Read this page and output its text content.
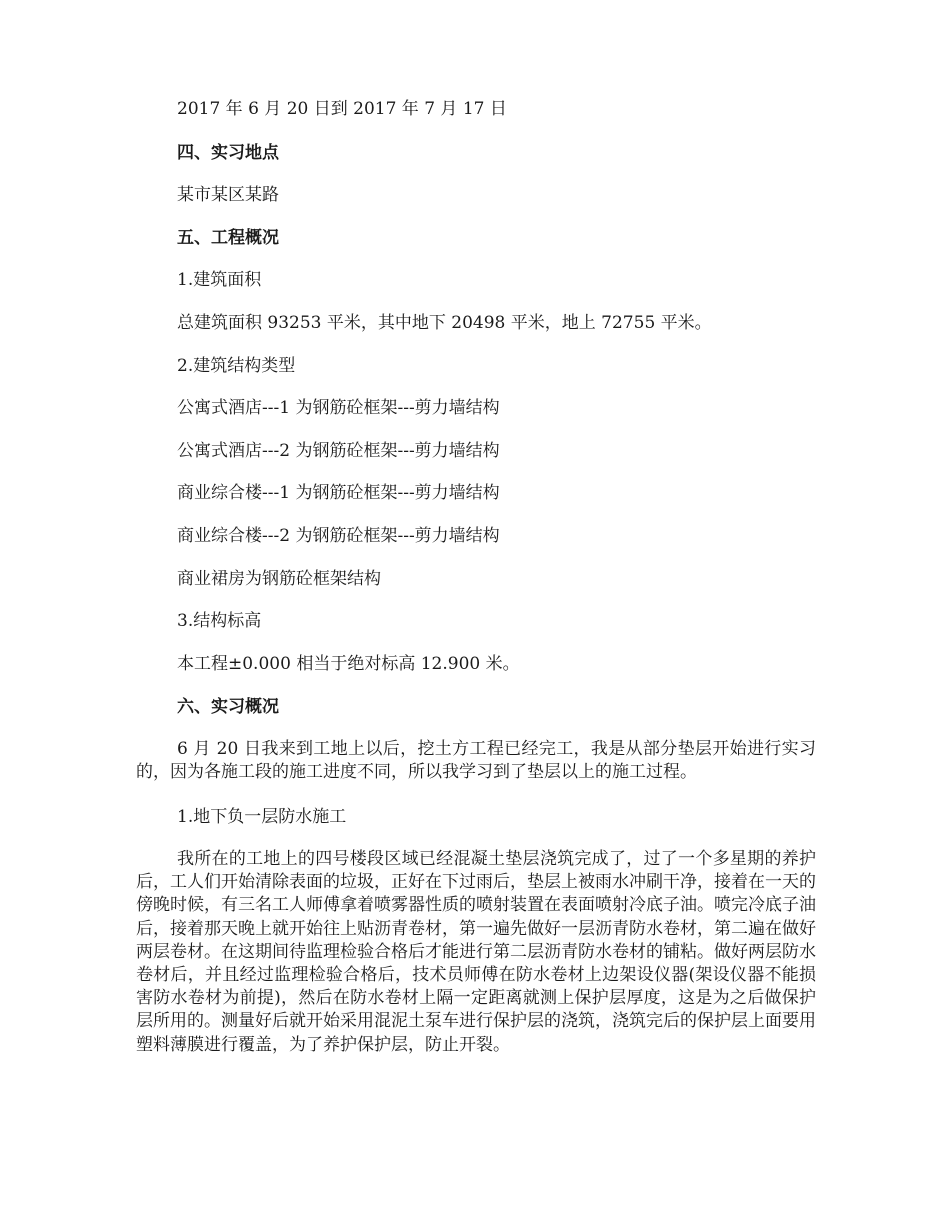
2017 年 6 月 20 日到 2017 年 7 月 17 日
四、实习地点
某市某区某路
五、工程概况
1.建筑面积
总建筑面积 93253 平米，其中地下 20498 平米，地上 72755 平米。
2.建筑结构类型
公寓式酒店---1 为钢筋砼框架---剪力墙结构
公寓式酒店---2 为钢筋砼框架---剪力墙结构
商业综合楼---1 为钢筋砼框架---剪力墙结构
商业综合楼---2 为钢筋砼框架---剪力墙结构
商业裙房为钢筋砼框架结构
3.结构标高
本工程±0.000 相当于绝对标高 12.900 米。
六、实习概况

6 月 20 日我来到工地上以后，挖土方工程已经完工，我是从部分垫层开始进行实习的，因为各施工段的施工进度不同，所以我学习到了垫层以上的施工过程。

1.地下负一层防水施工

我所在的工地上的四号楼段区域已经混凝土垫层浇筑完成了，过了一个多星期的养护后，工人们开始清除表面的垃圾，正好在下过雨后，垫层上被雨水冲刷干净，接着在一天的傍晚时候，有三名工人师傅拿着喷雾器性质的喷射装置在表面喷射冷底子油。喷完冷底子油后，接着那天晚上就开始往上贴沥青卷材，第一遍先做好一层沥青防水卷材，第二遍在做好两层卷材。在这期间待监理检验合格后才能进行第二层沥青防水卷材的铺粘。做好两层防水卷材后，并且经过监理检验合格后，技术员师傅在防水卷材上边架设仪器(架设仪器不能损害防水卷材为前提)，然后在防水卷材上隔一定距离就测上保护层厚度，这是为之后做保护层所用的。测量好后就开始采用混泥土泵车进行保护层的浇筑，浇筑完后的保护层上面要用塑料薄膜进行覆盖，为了养护保护层，防止开裂。
